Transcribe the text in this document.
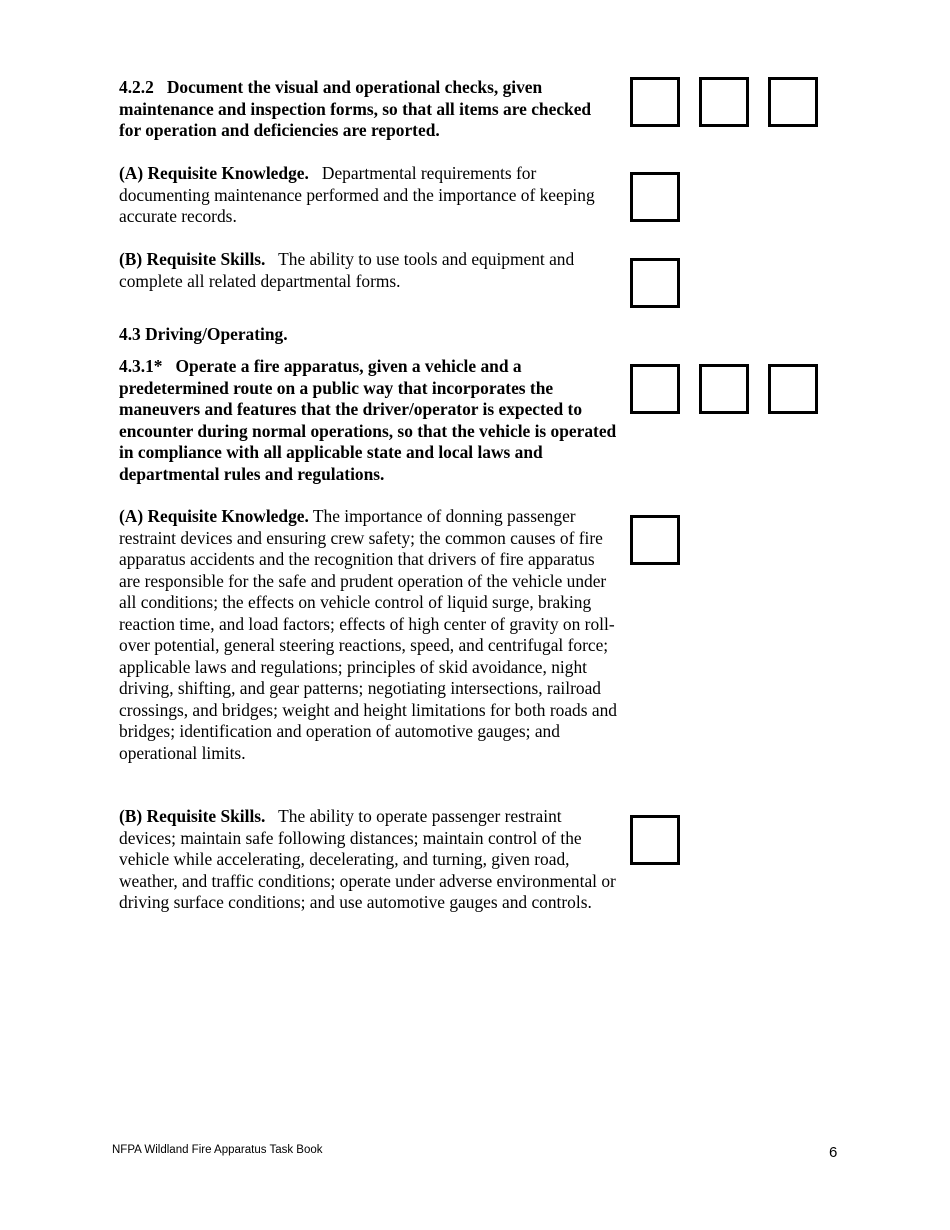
4.2.2   Document the visual and operational checks, given maintenance and inspection forms, so that all items are checked for operation and deficiencies are reported.

(A) Requisite Knowledge.   Departmental requirements for documenting maintenance performed and the importance of keeping accurate records.

(B) Requisite Skills.   The ability to use tools and equipment and complete all related departmental forms.

4.3 Driving/Operating.

4.3.1*   Operate a fire apparatus, given a vehicle and a predetermined route on a public way that incorporates the maneuvers and features that the driver/operator is expected to encounter during normal operations, so that the vehicle is operated in compliance with all applicable state and local laws and departmental rules and regulations.

(A) Requisite Knowledge. The importance of donning passenger restraint devices and ensuring crew safety; the common causes of fire apparatus accidents and the recognition that drivers of fire apparatus are responsible for the safe and prudent operation of the vehicle under all conditions; the effects on vehicle control of liquid surge, braking reaction time, and load factors; effects of high center of gravity on roll-over potential, general steering reactions, speed, and centrifugal force; applicable laws and regulations; principles of skid avoidance, night driving, shifting, and gear patterns; negotiating intersections, railroad crossings, and bridges; weight and height limitations for both roads and bridges; identification and operation of automotive gauges; and operational limits.

(B) Requisite Skills.   The ability to operate passenger restraint devices; maintain safe following distances; maintain control of the vehicle while accelerating, decelerating, and turning, given road, weather, and traffic conditions; operate under adverse environmental or driving surface conditions; and use automotive gauges and controls.

NFPA Wildland Fire Apparatus Task Book	6
